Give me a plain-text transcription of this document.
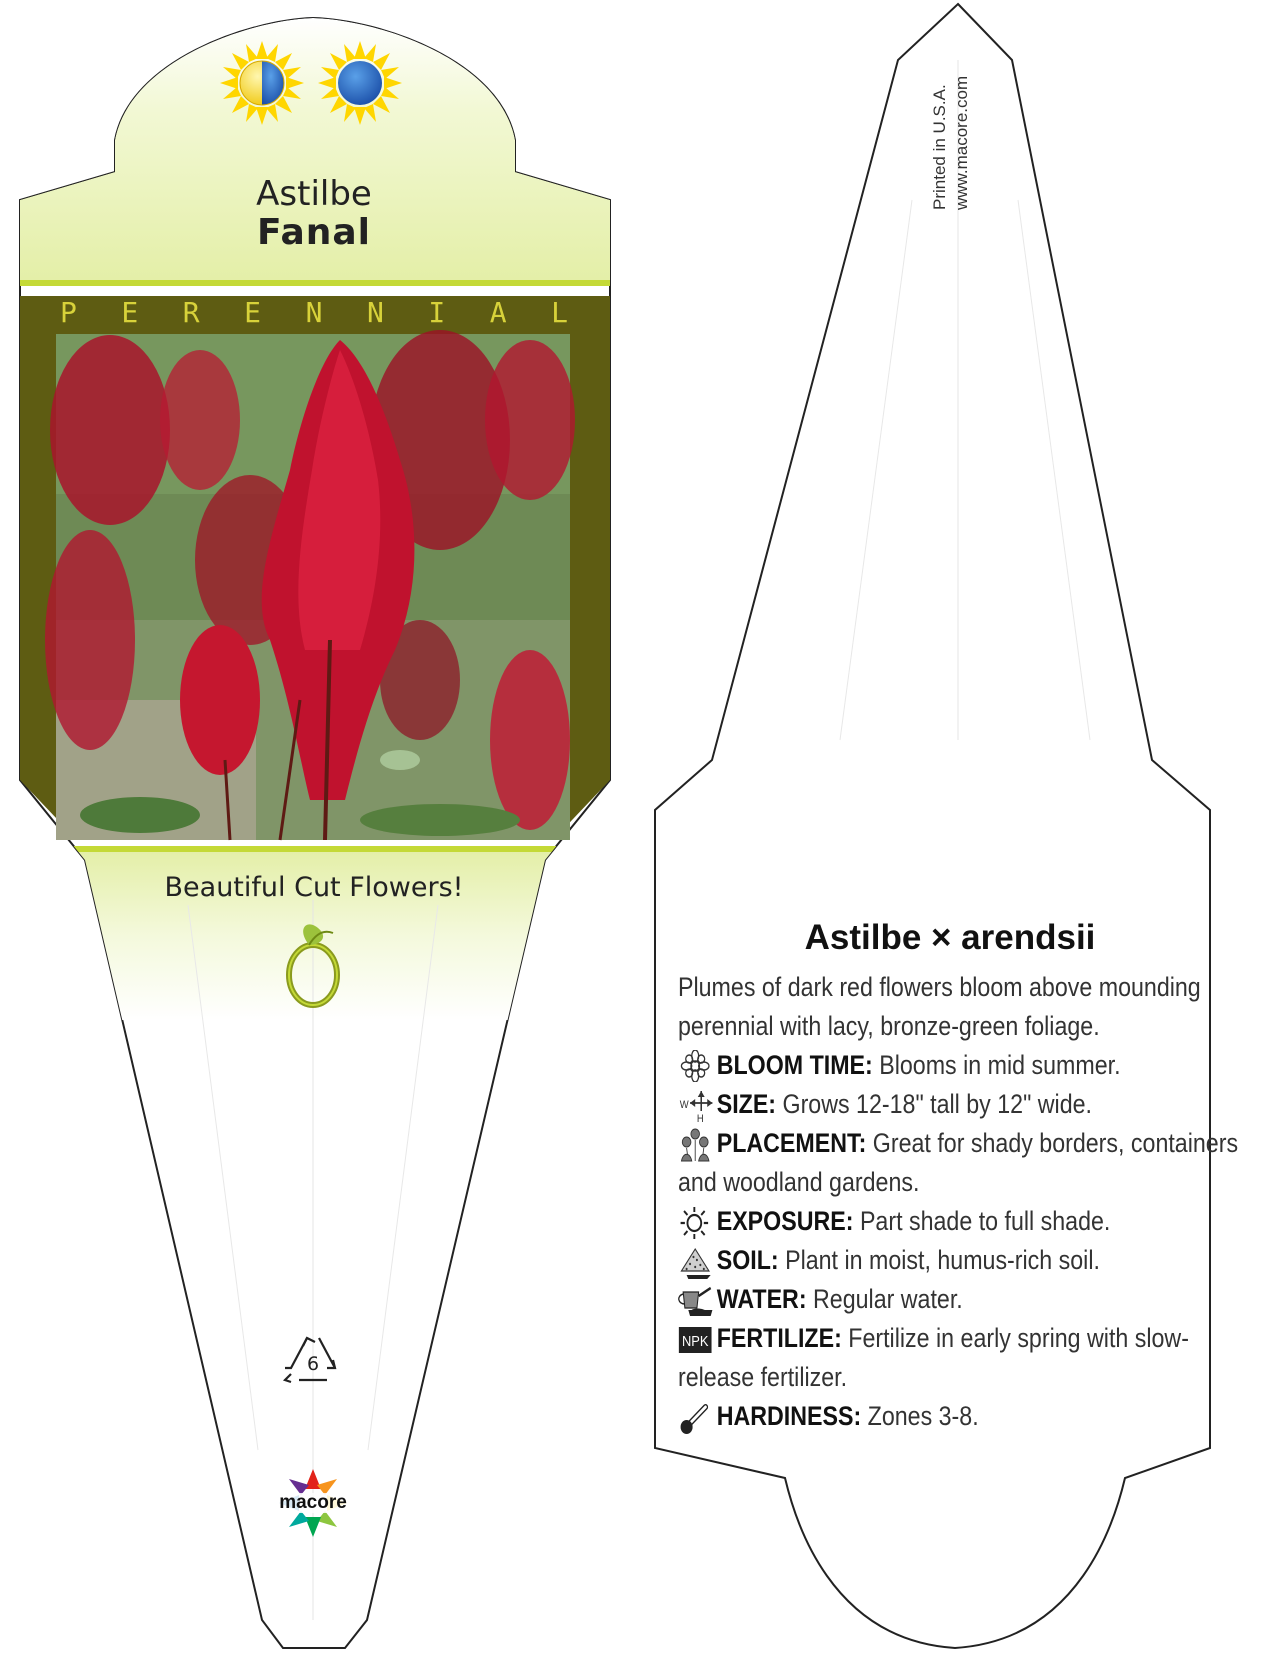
Astilbe
Fanal
P E R E N N I A L
Beautiful Cut Flowers!
6
macore
Printed in U.S.A. www.macore.com
Astilbe × arendsii
Plumes of dark red flowers bloom above mounding perennial with lacy, bronze-green foliage.
BLOOM TIME: Blooms in mid summer.
W
H
SIZE: Grows 12-18" tall by 12" wide.
PLACEMENT: Great for shady borders, containers and woodland gardens.
EXPOSURE: Part shade to full shade.
SOIL: Plant in moist, humus-rich soil.
WATER: Regular water.
NPK FERTILIZE: Fertilize in early spring with slow-release fertilizer.
HARDINESS: Zones 3-8.
